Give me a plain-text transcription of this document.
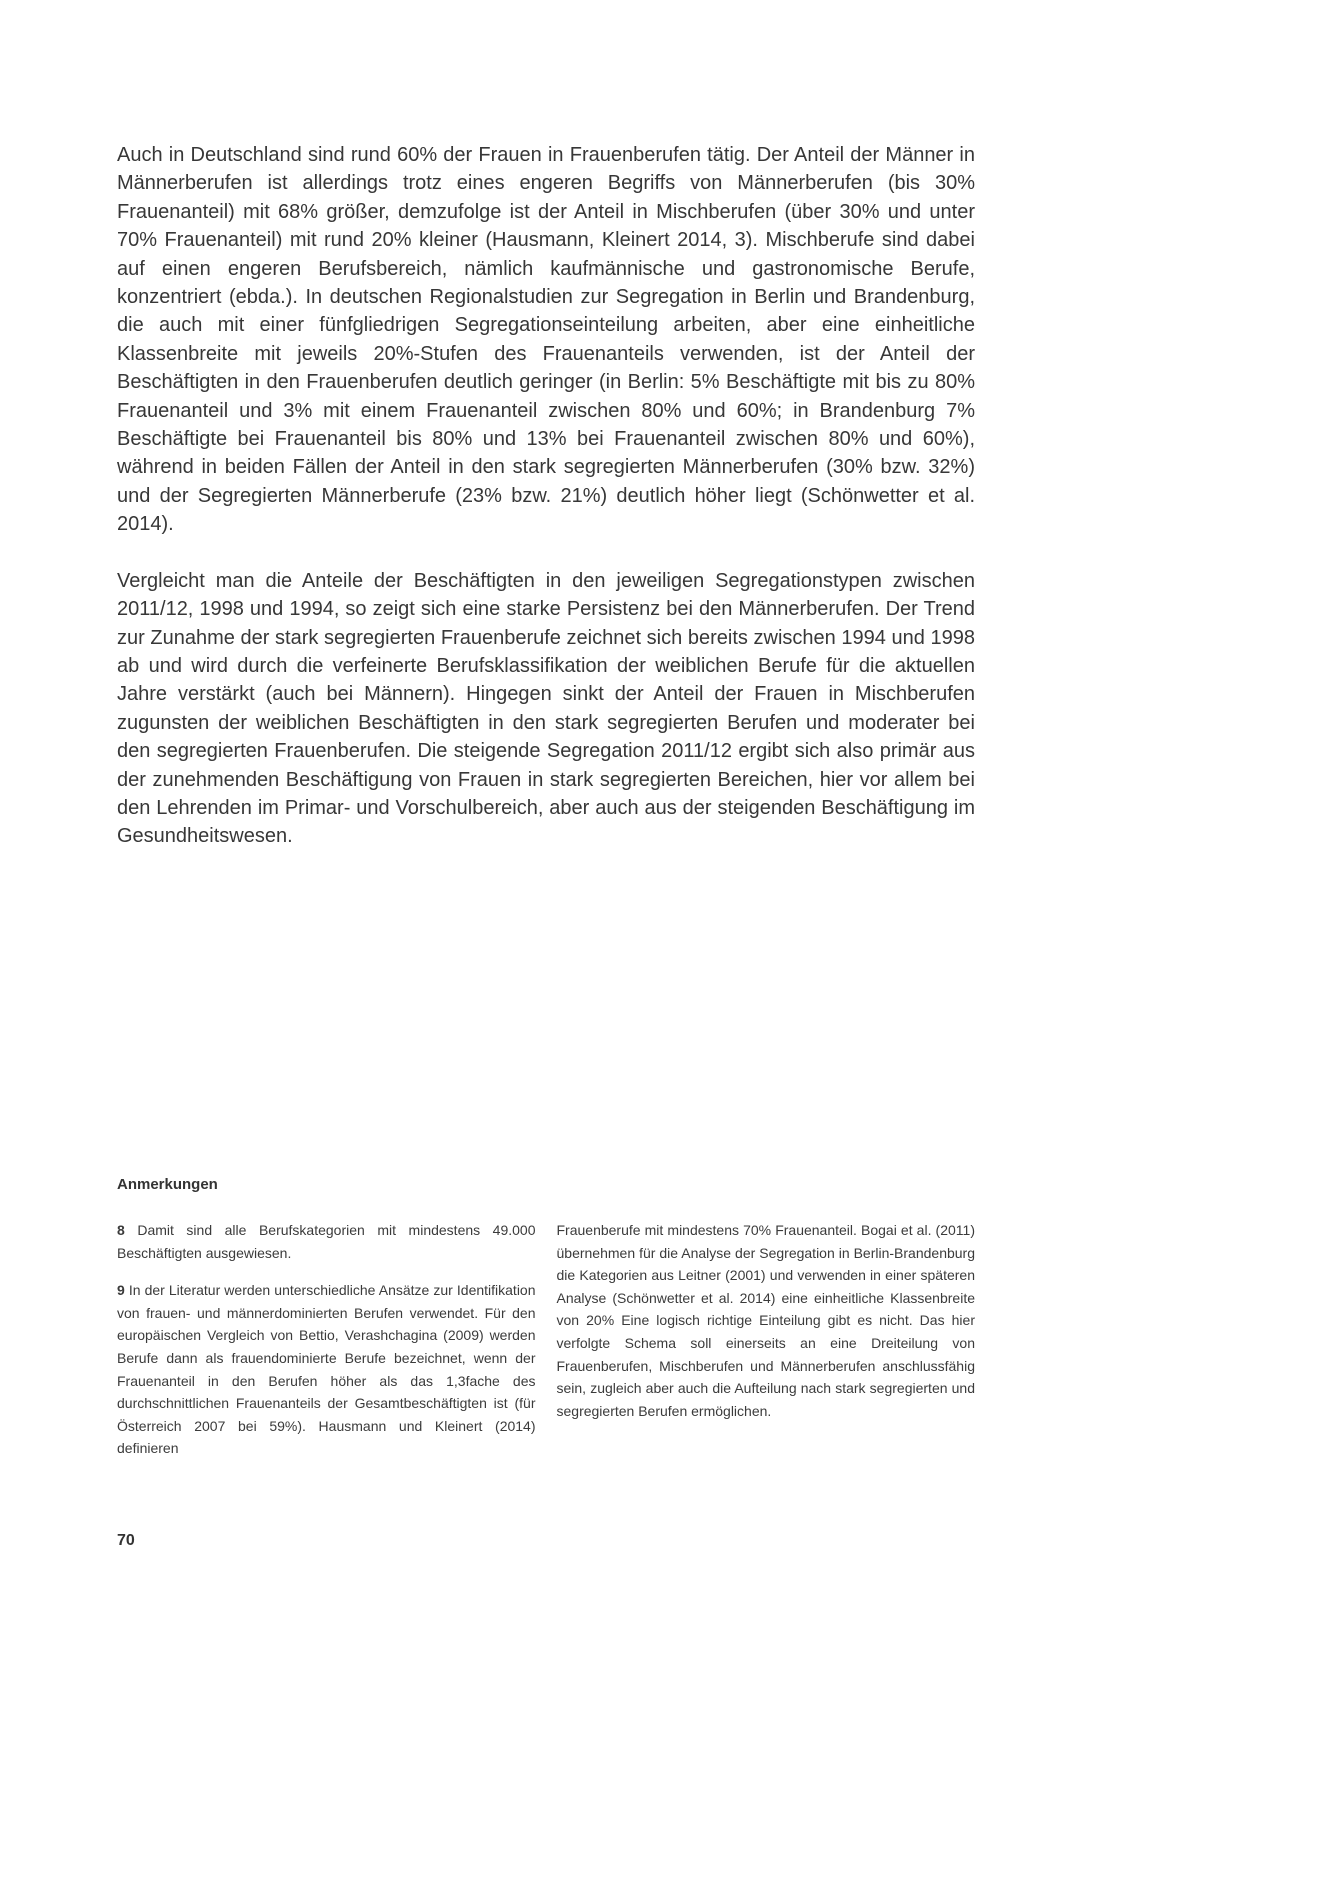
Auch in Deutschland sind rund 60% der Frauen in Frauenberufen tätig. Der Anteil der Männer in Männerberufen ist allerdings trotz eines engeren Begriffs von Männerberufen (bis 30% Frauenanteil) mit 68% größer, demzufolge ist der Anteil in Mischberufen (über 30% und unter 70% Frauenanteil) mit rund 20% kleiner (Hausmann, Kleinert 2014, 3). Mischberufe sind dabei auf einen engeren Berufsbereich, nämlich kaufmännische und gastronomische Berufe, konzentriert (ebda.). In deutschen Regionalstudien zur Segregation in Berlin und Brandenburg, die auch mit einer fünfgliedrigen Segregationseinteilung arbeiten, aber eine einheitliche Klassenbreite mit jeweils 20%-Stufen des Frauenanteils verwenden, ist der Anteil der Beschäftigten in den Frauenberufen deutlich geringer (in Berlin: 5% Beschäftigte mit bis zu 80% Frauenanteil und 3% mit einem Frauenanteil zwischen 80% und 60%; in Brandenburg 7% Beschäftigte bei Frauenanteil bis 80% und 13% bei Frauenanteil zwischen 80% und 60%), während in beiden Fällen der Anteil in den stark segregierten Männerberufen (30% bzw. 32%) und der Segregierten Männerberufe (23% bzw. 21%) deutlich höher liegt (Schönwetter et al. 2014).

Vergleicht man die Anteile der Beschäftigten in den jeweiligen Segregationstypen zwischen 2011/12, 1998 und 1994, so zeigt sich eine starke Persistenz bei den Männerberufen. Der Trend zur Zunahme der stark segregierten Frauenberufe zeichnet sich bereits zwischen 1994 und 1998 ab und wird durch die verfeinerte Berufsklassifikation der weiblichen Berufe für die aktuellen Jahre verstärkt (auch bei Männern). Hingegen sinkt der Anteil der Frauen in Mischberufen zugunsten der weiblichen Beschäftigten in den stark segregierten Berufen und moderater bei den segregierten Frauenberufen. Die steigende Segregation 2011/12 ergibt sich also primär aus der zunehmenden Beschäftigung von Frauen in stark segregierten Bereichen, hier vor allem bei den Lehrenden im Primar- und Vorschulbereich, aber auch aus der steigenden Beschäftigung im Gesundheitswesen.

Anmerkungen

8 Damit sind alle Berufskategorien mit mindestens 49.000 Beschäftigten ausgewiesen.

9 In der Literatur werden unterschiedliche Ansätze zur Identifikation von frauen- und männerdominierten Berufen verwendet. Für den europäischen Vergleich von Bettio, Verashchagina (2009) werden Berufe dann als frauendominierte Berufe bezeichnet, wenn der Frauenanteil in den Berufen höher als das 1,3fache des durchschnittlichen Frauenanteils der Gesamtbeschäftigten ist (für Österreich 2007 bei 59%). Hausmann und Kleinert (2014) definieren

Frauenberufe mit mindestens 70% Frauenanteil. Bogai et al. (2011) übernehmen für die Analyse der Segregation in Berlin-Brandenburg die Kategorien aus Leitner (2001) und verwenden in einer späteren Analyse (Schönwetter et al. 2014) eine einheitliche Klassenbreite von 20% Eine logisch richtige Einteilung gibt es nicht. Das hier verfolgte Schema soll einerseits an eine Dreiteilung von Frauenberufen, Mischberufen und Männerberufen anschlussfähig sein, zugleich aber auch die Aufteilung nach stark segregierten und segregierten Berufen ermöglichen.

70
